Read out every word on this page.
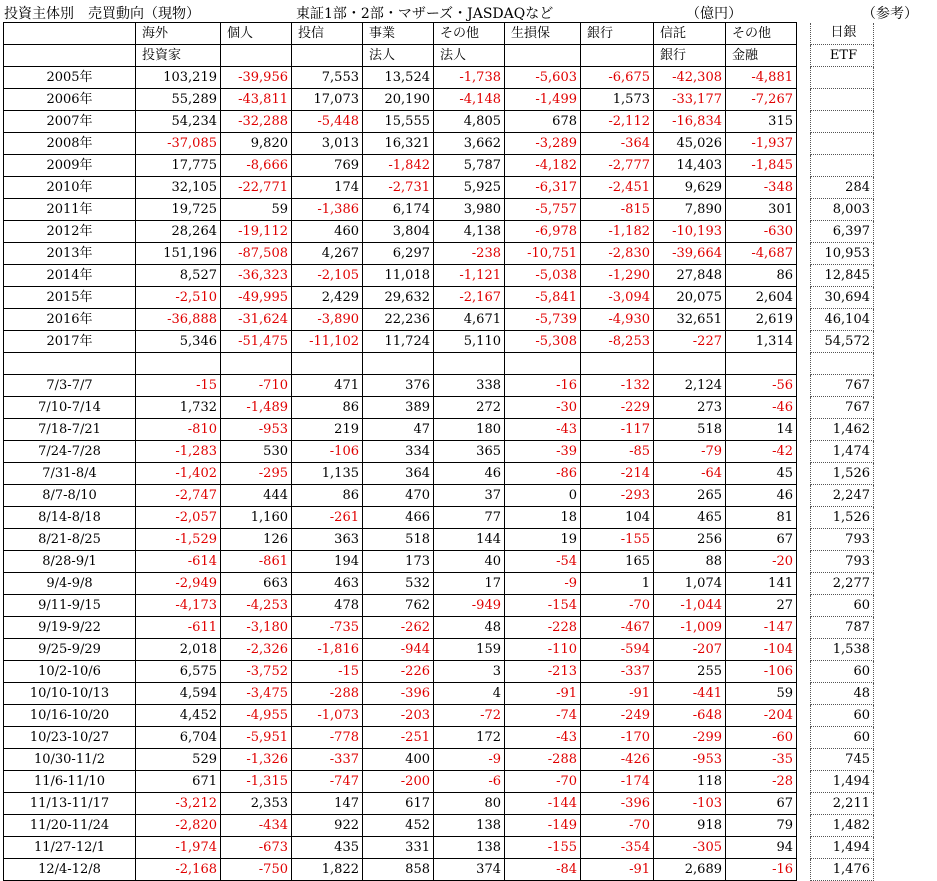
投資主体別　売買動向（現物）	東証1部・2部・マザーズ・JASDAQなど	（億円）	（参考）
	海外	個人	投信	事業	その他	生損保	銀行	信託	その他		日銀
	投資家			法人	法人			銀行	金融		ETF
2005年	103,219	-39,956	7,553	13,524	-1,738	-5,603	-6,675	-42,308	-4,881		
2006年	55,289	-43,811	17,073	20,190	-4,148	-1,499	1,573	-33,177	-7,267		
2007年	54,234	-32,288	-5,448	15,555	4,805	678	-2,112	-16,834	315		
2008年	-37,085	9,820	3,013	16,321	3,662	-3,289	-364	45,026	-1,937		
2009年	17,775	-8,666	769	-1,842	5,787	-4,182	-2,777	14,403	-1,845		
2010年	32,105	-22,771	174	-2,731	5,925	-6,317	-2,451	9,629	-348		284
2011年	19,725	59	-1,386	6,174	3,980	-5,757	-815	7,890	301		8,003
2012年	28,264	-19,112	460	3,804	4,138	-6,978	-1,182	-10,193	-630		6,397
2013年	151,196	-87,508	4,267	6,297	-238	-10,751	-2,830	-39,664	-4,687		10,953
2014年	8,527	-36,323	-2,105	11,018	-1,121	-5,038	-1,290	27,848	86		12,845
2015年	-2,510	-49,995	2,429	29,632	-2,167	-5,841	-3,094	20,075	2,604		30,694
2016年	-36,888	-31,624	-3,890	22,236	4,671	-5,739	-4,930	32,651	2,619		46,104
2017年	5,346	-51,475	-11,102	11,724	5,110	-5,308	-8,253	-227	1,314		54,572

7/3-7/7	-15	-710	471	376	338	-16	-132	2,124	-56		767
7/10-7/14	1,732	-1,489	86	389	272	-30	-229	273	-46		767
7/18-7/21	-810	-953	219	47	180	-43	-117	518	14		1,462
7/24-7/28	-1,283	530	-106	334	365	-39	-85	-79	-42		1,474
7/31-8/4	-1,402	-295	1,135	364	46	-86	-214	-64	45		1,526
8/7-8/10	-2,747	444	86	470	37	0	-293	265	46		2,247
8/14-8/18	-2,057	1,160	-261	466	77	18	104	465	81		1,526
8/21-8/25	-1,529	126	363	518	144	19	-155	256	67		793
8/28-9/1	-614	-861	194	173	40	-54	165	88	-20		793
9/4-9/8	-2,949	663	463	532	17	-9	1	1,074	141		2,277
9/11-9/15	-4,173	-4,253	478	762	-949	-154	-70	-1,044	27		60
9/19-9/22	-611	-3,180	-735	-262	48	-228	-467	-1,009	-147		787
9/25-9/29	2,018	-2,326	-1,816	-944	159	-110	-594	-207	-104		1,538
10/2-10/6	6,575	-3,752	-15	-226	3	-213	-337	255	-106		60
10/10-10/13	4,594	-3,475	-288	-396	4	-91	-91	-441	59		48
10/16-10/20	4,452	-4,955	-1,073	-203	-72	-74	-249	-648	-204		60
10/23-10/27	6,704	-5,951	-778	-251	172	-43	-170	-299	-60		60
10/30-11/2	529	-1,326	-337	400	-9	-288	-426	-953	-35		745
11/6-11/10	671	-1,315	-747	-200	-6	-70	-174	118	-28		1,494
11/13-11/17	-3,212	2,353	147	617	80	-144	-396	-103	67		2,211
11/20-11/24	-2,820	-434	922	452	138	-149	-70	918	79		1,482
11/27-12/1	-1,974	-673	435	331	138	-155	-354	-305	94		1,494
12/4-12/8	-2,168	-750	1,822	858	374	-84	-91	2,689	-16		1,476
